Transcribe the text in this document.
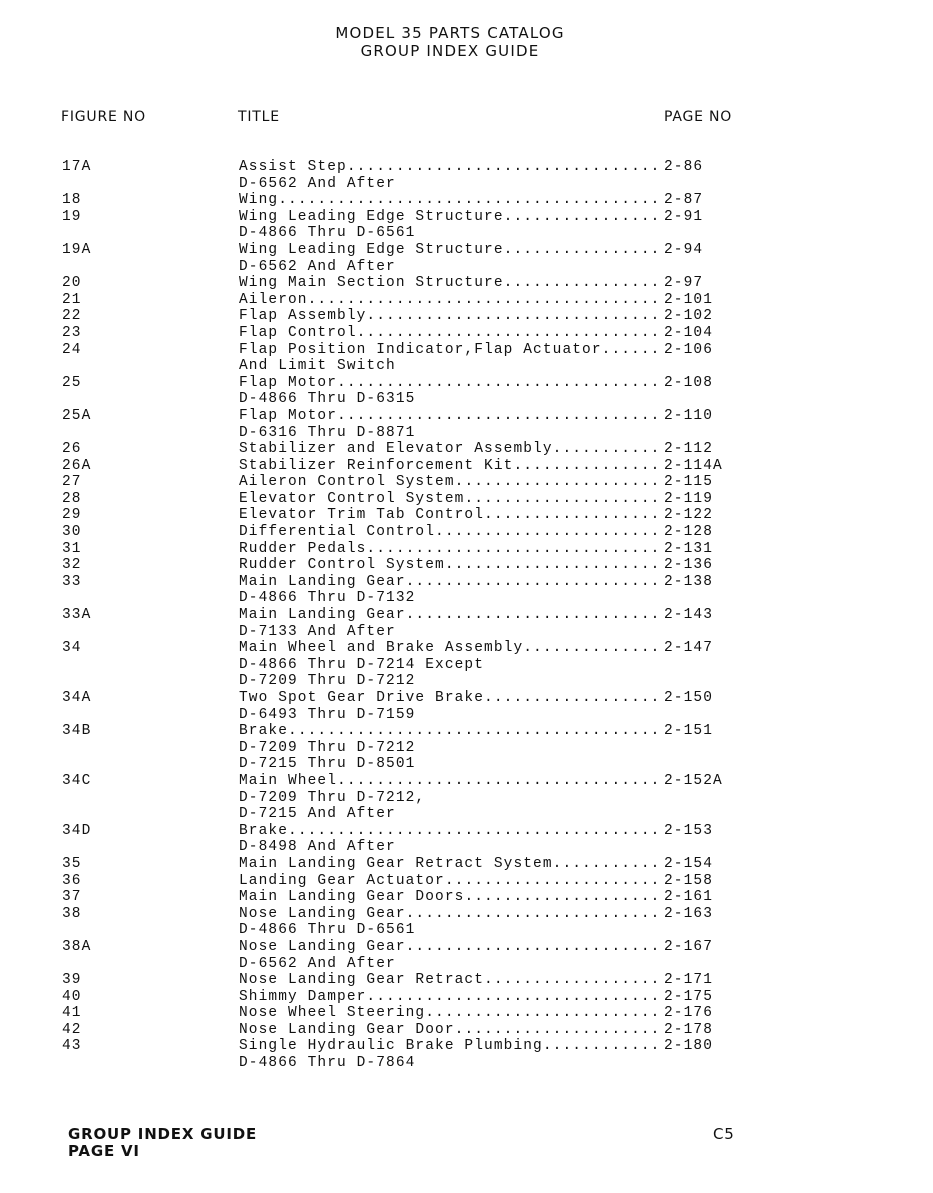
MODEL 35 PARTS CATALOG
GROUP INDEX GUIDE
FIGURE NO	TITLE	PAGE NO
17A	Assist Step .....	2-86
D-6562 And After
18	Wing .....	2-87
19	Wing Leading Edge Structure .....	2-91
D-4866 Thru D-6561
19A	Wing Leading Edge Structure .....	2-94
D-6562 And After
20	Wing Main Section Structure .....	2-97
21	Aileron .....	2-101
22	Flap Assembly .....	2-102
23	Flap Control .....	2-104
24	Flap Position Indicator,Flap Actuator .....	2-106
And Limit Switch
25	Flap Motor .....	2-108
D-4866 Thru D-6315
25A	Flap Motor .....	2-110
D-6316 Thru D-8871
26	Stabilizer and Elevator Assembly .....	2-112
26A	Stabilizer Reinforcement Kit .....	2-114A
27	Aileron Control System .....	2-115
28	Elevator Control System .....	2-119
29	Elevator Trim Tab Control .....	2-122
30	Differential Control .....	2-128
31	Rudder Pedals .....	2-131
32	Rudder Control System .....	2-136
33	Main Landing Gear .....	2-138
D-4866 Thru D-7132
33A	Main Landing Gear .....	2-143
D-7133 And After
34	Main Wheel and Brake Assembly .....	2-147
D-4866 Thru D-7214 Except
D-7209 Thru D-7212
34A	Two Spot Gear Drive Brake .....	2-150
D-6493 Thru D-7159
34B	Brake .....	2-151
D-7209 Thru D-7212
D-7215 Thru D-8501
34C	Main Wheel .....	2-152A
D-7209 Thru D-7212,
D-7215 And After
34D	Brake .....	2-153
D-8498 And After
35	Main Landing Gear Retract System .....	2-154
36	Landing Gear Actuator .....	2-158
37	Main Landing Gear Doors .....	2-161
38	Nose Landing Gear .....	2-163
D-4866 Thru D-6561
38A	Nose Landing Gear .....	2-167
D-6562 And After
39	Nose Landing Gear Retract .....	2-171
40	Shimmy Damper .....	2-175
41	Nose Wheel Steering .....	2-176
42	Nose Landing Gear Door .....	2-178
43	Single Hydraulic Brake Plumbing .....	2-180
D-4866 Thru D-7864
GROUP INDEX GUIDE
PAGE VI
C5
